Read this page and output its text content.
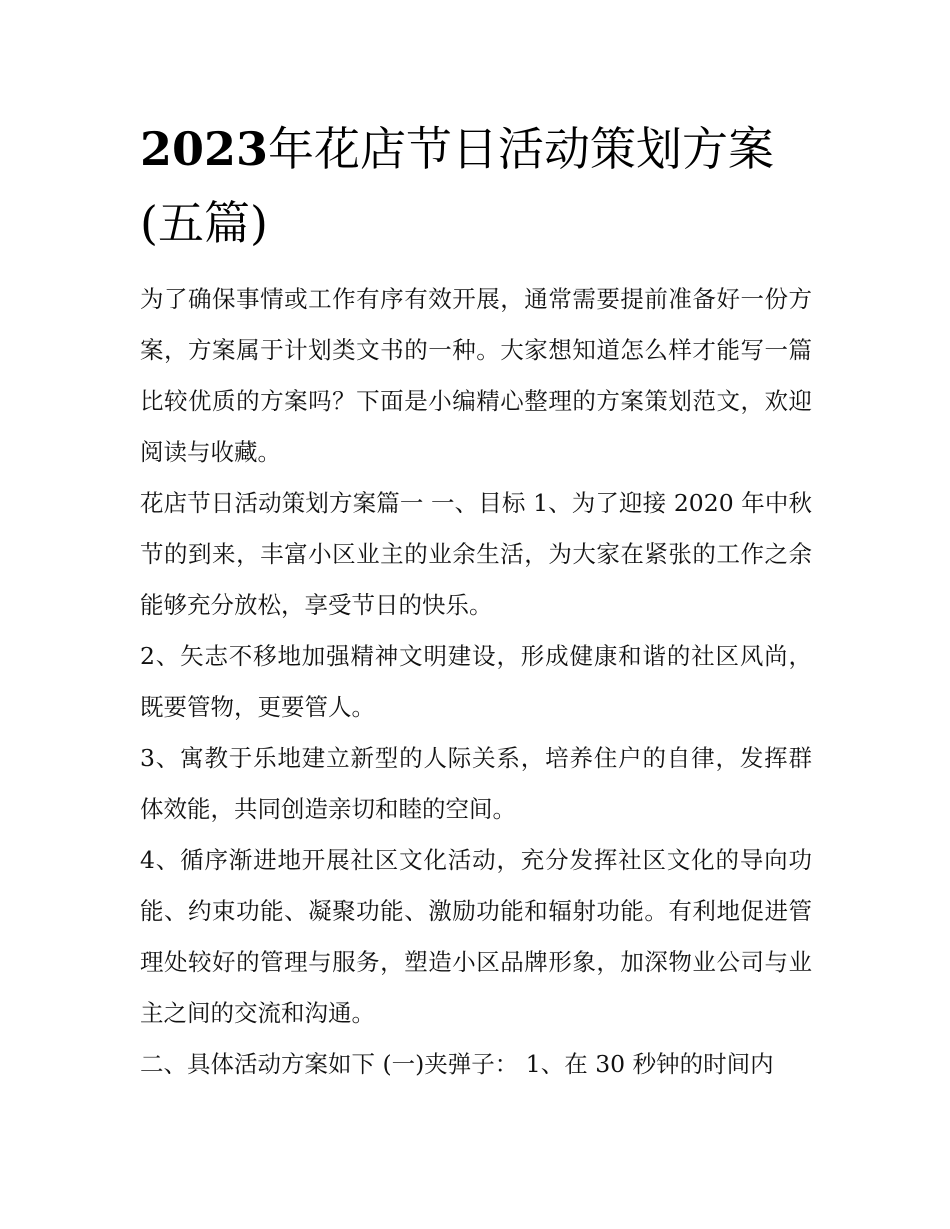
2023年花店节日活动策划方案(五篇)

为了确保事情或工作有序有效开展，通常需要提前准备好一份方案，方案属于计划类文书的一种。大家想知道怎么样才能写一篇比较优质的方案吗？下面是小编精心整理的方案策划范文，欢迎阅读与收藏。

花店节日活动策划方案篇一 一、目标 1、为了迎接 2020 年中秋节的到来，丰富小区业主的业余生活，为大家在紧张的工作之余能够充分放松，享受节日的快乐。

2、矢志不移地加强精神文明建设，形成健康和谐的社区风尚，既要管物，更要管人。

3、寓教于乐地建立新型的人际关系，培养住户的自律，发挥群体效能，共同创造亲切和睦的空间。

4、循序渐进地开展社区文化活动，充分发挥社区文化的导向功能、约束功能、凝聚功能、激励功能和辐射功能。有利地促进管理处较好的管理与服务，塑造小区品牌形象，加深物业公司与业主之间的交流和沟通。

二、具体活动方案如下 (一)夹弹子： 1、在 30 秒钟的时间内
